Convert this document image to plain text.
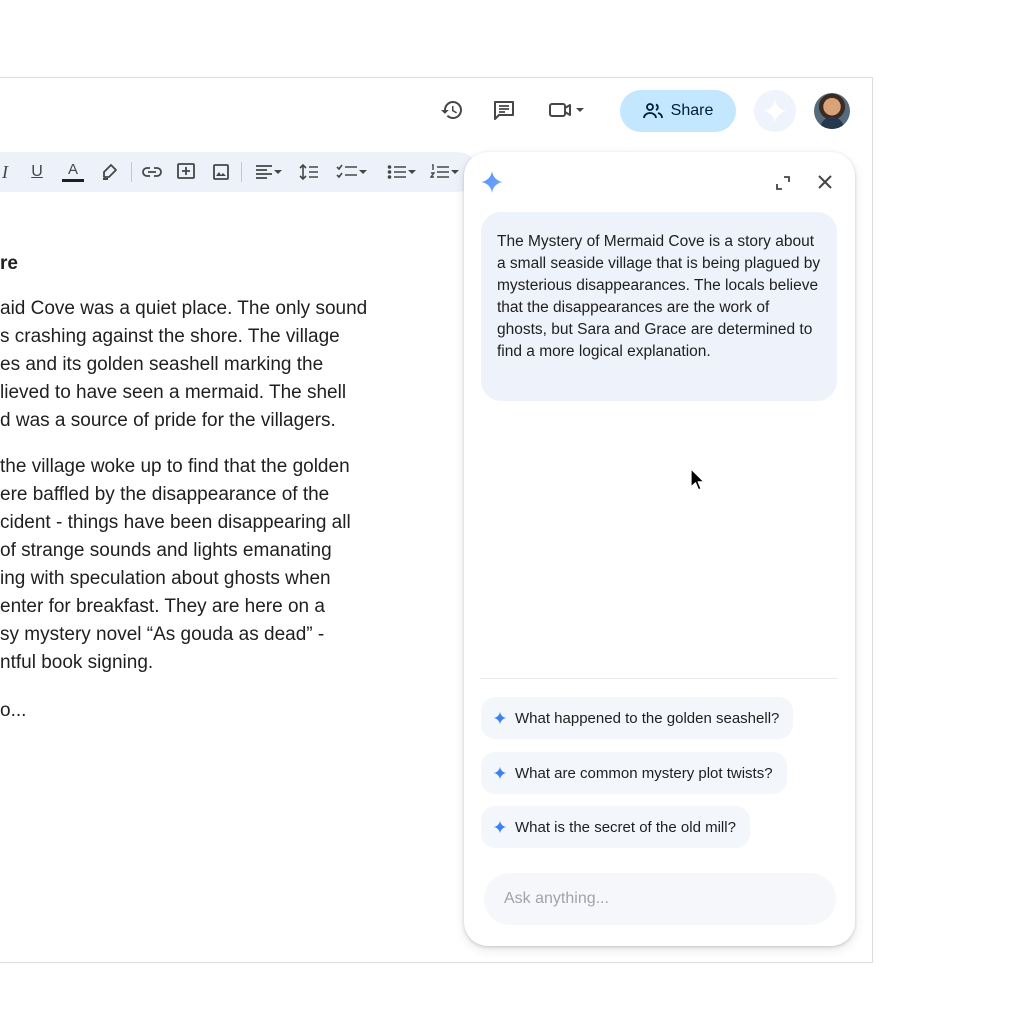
Share
I U A
re
aid Cove was a quiet place. The only sound
s crashing against the shore. The village
es and its golden seashell marking the
lieved to have seen a mermaid. The shell
d was a source of pride for the villagers.
the village woke up to find that the golden
ere baffled by the disappearance of the
cident - things have been disappearing all
of strange sounds and lights emanating
ing with speculation about ghosts when
enter for breakfast. They are here on a
sy mystery novel “As gouda as dead” -
ntful book signing.
o...
The Mystery of Mermaid Cove is a story about a small seaside village that is being plagued by mysterious disappearances. The locals believe that the disappearances are the work of ghosts, but Sara and Grace are determined to find a more logical explanation.
What happened to the golden seashell?
What are common mystery plot twists?
What is the secret of the old mill?
Ask anything...
